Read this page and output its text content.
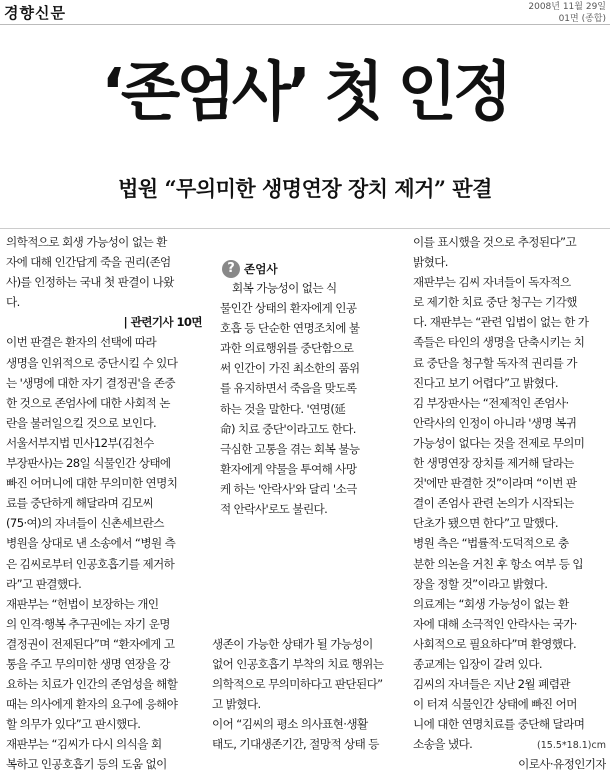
경향신문	2008년 11월 29일
01면 (종합)
‘존엄사’ 첫 인정
법원 “무의미한 생명연장 장치 제거” 판결
의학적으로 회생 가능성이 없는 환
자에 대해 인간답게 죽을 권리(존엄
사)를 인정하는 국내 첫 판결이 나왔
다.
| 관련기사 10면
이번 판결은 환자의 선택에 따라
생명을 인위적으로 중단시킬 수 있다
는 '생명에 대한 자기 결정권'을 존중
한 것으로 존엄사에 대한 사회적 논
란을 불러일으킬 것으로 보인다.
서울서부지법 민사12부(김천수
부장판사)는 28일 식물인간 상태에
빠진 어머니에 대한 무의미한 연명치
료를 중단하게 해달라며 김모씨
(75·여)의 자녀들이 신촌세브란스
병원을 상대로 낸 소송에서 “병원 측
은 김씨로부터 인공호흡기를 제거하
라”고 판결했다.
재판부는 “헌법이 보장하는 개인
의 인격·행복 추구권에는 자기 운명
결정권이 전제된다”며 “환자에게 고
통을 주고 무의미한 생명 연장을 강
요하는 치료가 인간의 존엄성을 해할
때는 의사에게 환자의 요구에 응해야
할 의무가 있다”고 판시했다.
재판부는 “김씨가 다시 의식을 회
복하고 인공호흡기 등의 도움 없이
? 존엄사
회복 가능성이 없는 식
물인간 상태의 환자에게 인공
호흡 등 단순한 연명조치에 불
과한 의료행위를 중단함으로
써 인간이 가진 최소한의 품위
를 유지하면서 죽음을 맞도록
하는 것을 말한다. '연명(延
命) 치료 중단'이라고도 한다.
극심한 고통을 겪는 회복 불능
환자에게 약물을 투여해 사망
케 하는 '안락사'와 달리 '소극
적 안락사'로도 불린다.
생존이 가능한 상태가 될 가능성이
없어 인공호흡기 부착의 치료 행위는
의학적으로 무의미하다고 판단된다”
고 밝혔다.
이어 “김씨의 평소 의사표현·생활
태도, 기대생존기간, 절망적 상태 등
이를 표시했을 것으로 추정된다”고
밝혔다.
재판부는 김씨 자녀들이 독자적으
로 제기한 치료 중단 청구는 기각했
다. 재판부는 “관련 입법이 없는 한 가
족들은 타인의 생명을 단축시키는 치
료 중단을 청구할 독자적 권리를 가
진다고 보기 어렵다”고 밝혔다.
김 부장판사는 “전제적인 존엄사·
안락사의 인정이 아니라 '생명 복귀
가능성이 없다는 것을 전제로 무의미
한 생명연장 장치를 제거해 달라는
것'에만 판결한 것”이라며 “이번 판
결이 존엄사 관련 논의가 시작되는
단초가 됐으면 한다”고 말했다.
병원 측은 “법률적·도덕적으로 충
분한 의논을 거친 후 항소 여부 등 입
장을 정할 것”이라고 밝혔다.
의료계는 “회생 가능성이 없는 환
자에 대해 소극적인 안락사는 국가·
사회적으로 필요하다”며 환영했다.
종교계는 입장이 갈려 있다.
김씨의 자녀들은 지난 2월 폐렴관
이 터져 식물인간 상태에 빠진 어머
니에 대한 연명치료를 중단해 달라며
소송을 냈다.
이로사·유정인기자
(15.5*18.1)cm
